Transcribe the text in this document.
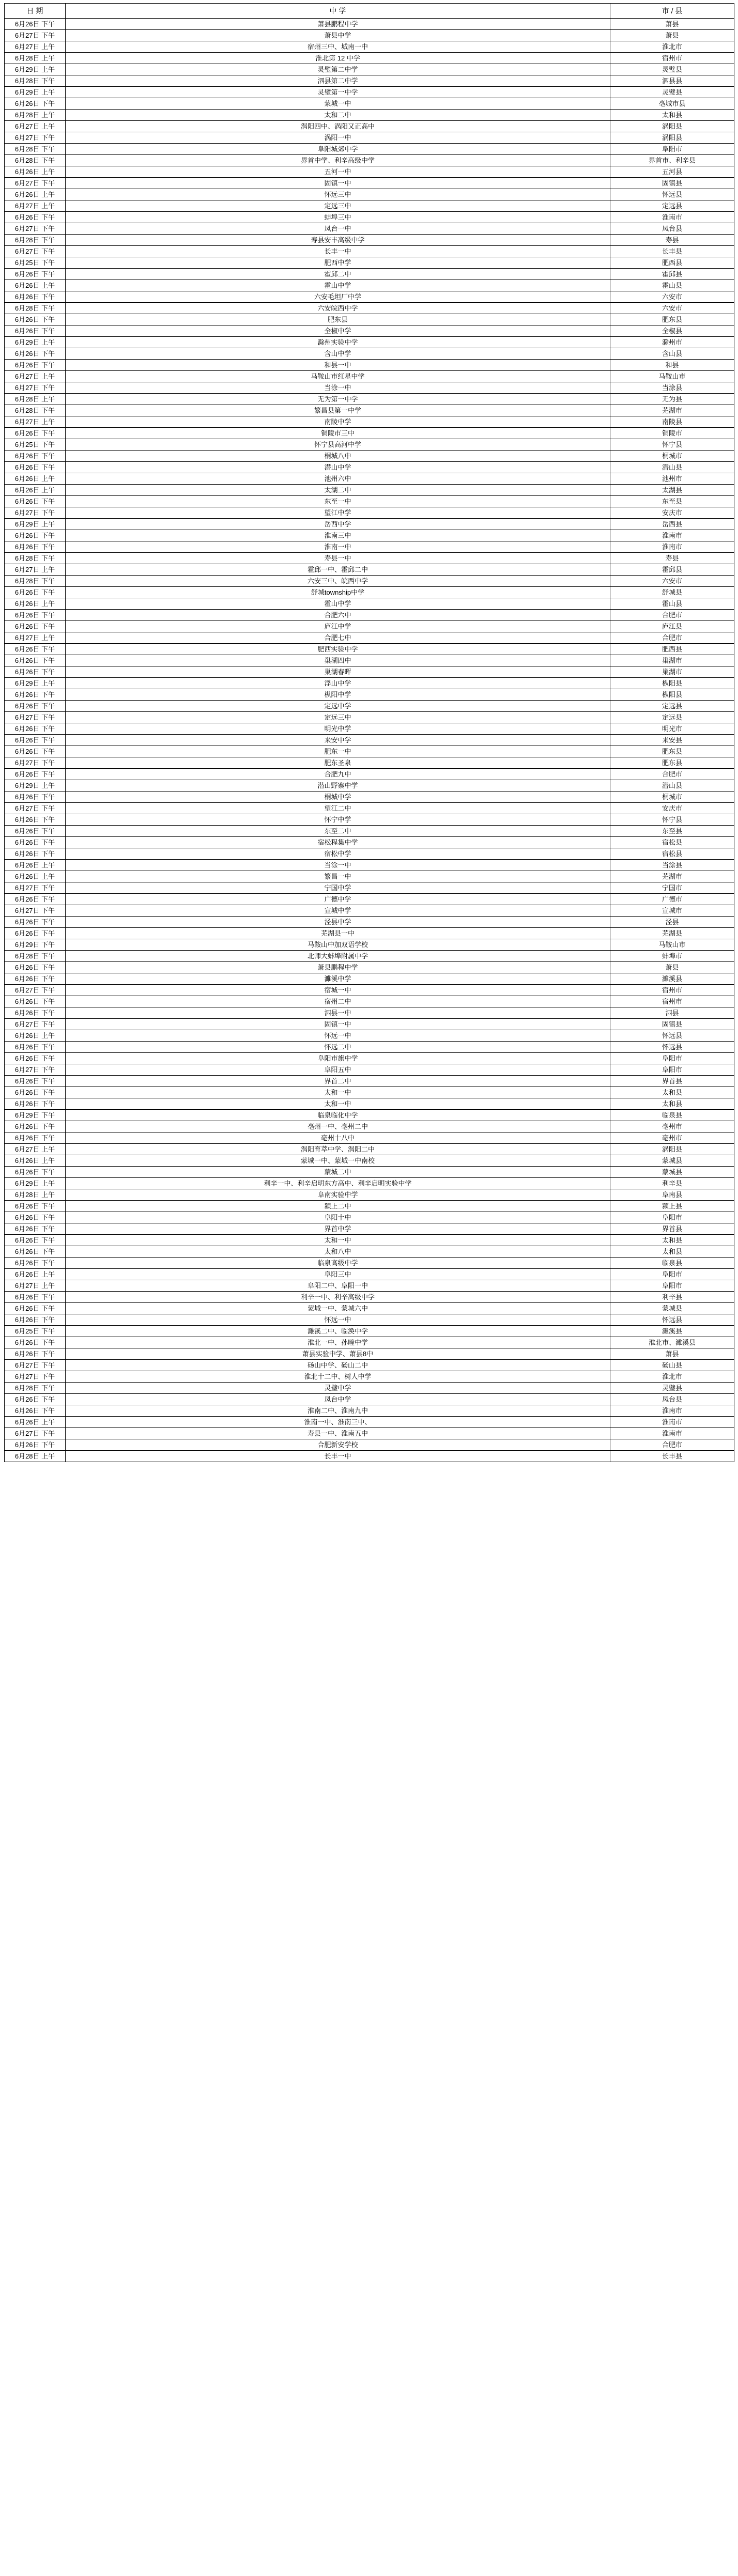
日 期	中 学	市 / 县
6月26日 下午	萧县鹏程中学	萧县
6月27日 下午	萧县中学	萧县
6月27日 上午	宿州三中、城南一中	淮北市
6月28日 上午	淮北第 12 中学	宿州市
6月29日 上午	灵璧第二中学	灵璧县
6月28日 下午	泗县第二中学	泗县县
6月29日 上午	灵璧第一中学	灵璧县
6月26日 下午	蒙城一中	亳城市县
6月28日 上午	太和二中	太和县
6月27日 上午	涡阳四中、涡阳又正高中	涡阳县
6月27日 下午	涡阳一中	涡阳县
6月28日 下午	阜阳城郊中学	阜阳市
6月28日 下午	界首中学、利辛高级中学	界首市、利辛县
6月26日 上午	五河一中	五河县
6月27日 下午	固镇一中	固镇县
6月26日 上午	怀远三中	怀远县
6月27日 上午	定远三中	定远县
6月26日 下午	蚌埠三中	淮南市
6月27日 下午	凤台一中	凤台县
6月28日 下午	寿县安丰高级中学	寿县
6月27日 下午	长丰一中	长丰县
6月25日 下午	肥西中学	肥西县
6月26日 下午	霍邱二中	霍邱县
6月26日 上午	霍山中学	霍山县
6月26日 下午	六安毛坦厂中学	六安市
6月28日 下午	六安皖西中学	六安市
6月26日 下午	肥东县	肥东县
6月26日 下午	全椒中学	全椒县
6月29日 上午	滁州实验中学	滁州市
6月26日 下午	含山中学	含山县
6月26日 下午	和县一中	和县
6月27日 上午	马鞍山市红星中学	马鞍山市
6月27日 下午	当涂一中	当涂县
6月28日 上午	无为第一中学	无为县
6月28日 下午	繁昌县第一中学	芜湖市
6月27日 上午	南陵中学	南陵县
6月26日 下午	铜陵市三中	铜陵市
6月25日 下午	怀宁县高河中学	怀宁县
6月26日 下午	桐城八中	桐城市
6月26日 下午	潜山中学	潜山县
6月26日 上午	池州六中	池州市
6月26日 上午	太湖二中	太湖县
6月26日 下午	东至一中	东至县
6月27日 下午	望江中学	安庆市
6月29日 上午	岳西中学	岳西县
6月26日 下午	淮南三中	淮南市
6月26日 下午	淮南一中	淮南市
6月28日 下午	寿县一中	寿县
6月27日 上午	霍邱一中、霍邱二中	霍邱县
6月28日 下午	六安三中、皖西中学	六安市
6月26日 下午	舒城township中学	舒城县
6月26日 上午	霍山中学	霍山县
6月26日 下午	合肥六中	合肥市
6月26日 下午	庐江中学	庐江县
6月27日 上午	合肥七中	合肥市
6月26日 下午	肥西实验中学	肥西县
6月26日 下午	巢湖四中	巢湖市
6月26日 下午	巢湖春晖	巢湖市
6月29日 上午	浮山中学	枞阳县
6月26日 下午	枞阳中学	枞阳县
6月26日 下午	定远中学	定远县
6月27日 下午	定远三中	定远县
6月26日 下午	明光中学	明光市
6月26日 下午	来安中学	来安县
6月26日 下午	肥东一中	肥东县
6月27日 下午	肥东圣泉	肥东县
6月26日 下午	合肥九中	合肥市
6月29日 上午	潜山野寨中学	潜山县
6月26日 下午	桐城中学	桐城市
6月27日 下午	望江二中	安庆市
6月26日 下午	怀宁中学	怀宁县
6月26日 下午	东至二中	东至县
6月26日 下午	宿松程集中学	宿松县
6月26日 下午	宿松中学	宿松县
6月26日 上午	当涂一中	当涂县
6月26日 上午	繁昌一中	芜湖市
6月27日 下午	宁国中学	宁国市
6月26日 下午	广德中学	广德市
6月27日 下午	宣城中学	宣城市
6月26日 下午	泾县中学	泾县
6月26日 下午	芜湖县一中	芜湖县
6月29日 下午	马鞍山中加双语学校	马鞍山市
6月28日 下午	北师大蚌埠附属中学	蚌埠市
6月26日 下午	萧县鹏程中学	萧县
6月26日 下午	濉溪中学	濉溪县
6月27日 下午	宿城一中	宿州市
6月26日 下午	宿州二中	宿州市
6月26日 下午	泗县一中	泗县
6月27日 下午	固镇一中	固镇县
6月26日 上午	怀远一中	怀远县
6月26日 下午	怀远二中	怀远县
6月26日 下午	阜阳市旗中学	阜阳市
6月27日 下午	阜阳五中	阜阳市
6月26日 下午	界首二中	界首县
6月26日 下午	太和一中	太和县
6月26日 下午	太和一中	太和县
6月29日 下午	临泉临化中学	临泉县
6月26日 下午	亳州一中、亳州二中	亳州市
6月26日 下午	亳州十八中	亳州市
6月27日 上午	涡阳育萃中学、涡阳二中	涡阳县
6月26日 上午	蒙城一中、蒙城一中南校	蒙城县
6月26日 下午	蒙城二中	蒙城县
6月29日 上午	利辛一中、利辛启明东方高中、利辛启明实验中学	利辛县
6月28日 上午	阜南实验中学	阜南县
6月26日 下午	颍上二中	颍上县
6月26日 下午	阜阳十中	阜阳市
6月26日 下午	界首中学	界首县
6月26日 下午	太和一中	太和县
6月26日 下午	太和八中	太和县
6月26日 下午	临泉高级中学	临泉县
6月26日 上午	阜阳三中	阜阳市
6月27日 上午	阜阳二中、阜阳一中	阜阳市
6月26日 下午	利辛一中、利辛高级中学	利辛县
6月26日 下午	蒙城一中、蒙城六中	蒙城县
6月26日 下午	怀远一中	怀远县
6月25日 下午	濉溪二中、临涣中学	濉溪县
6月26日 下午	淮北一中、孙疃中学	淮北市、濉溪县
6月26日 下午	萧县实验中学、萧县8中	萧县
6月27日 下午	砀山中学、砀山二中	砀山县
6月27日 下午	淮北十二中、树人中学	淮北市
6月28日 下午	灵璧中学	灵璧县
6月26日 下午	凤台中学	凤台县
6月26日 下午	淮南二中、淮南九中	淮南市
6月26日 上午	淮南一中、淮南三中、	淮南市
6月27日 下午	寿县一中、淮南五中	淮南市
6月26日 下午	合肥新安学校	合肥市
6月28日 上午	长丰一中	长丰县
